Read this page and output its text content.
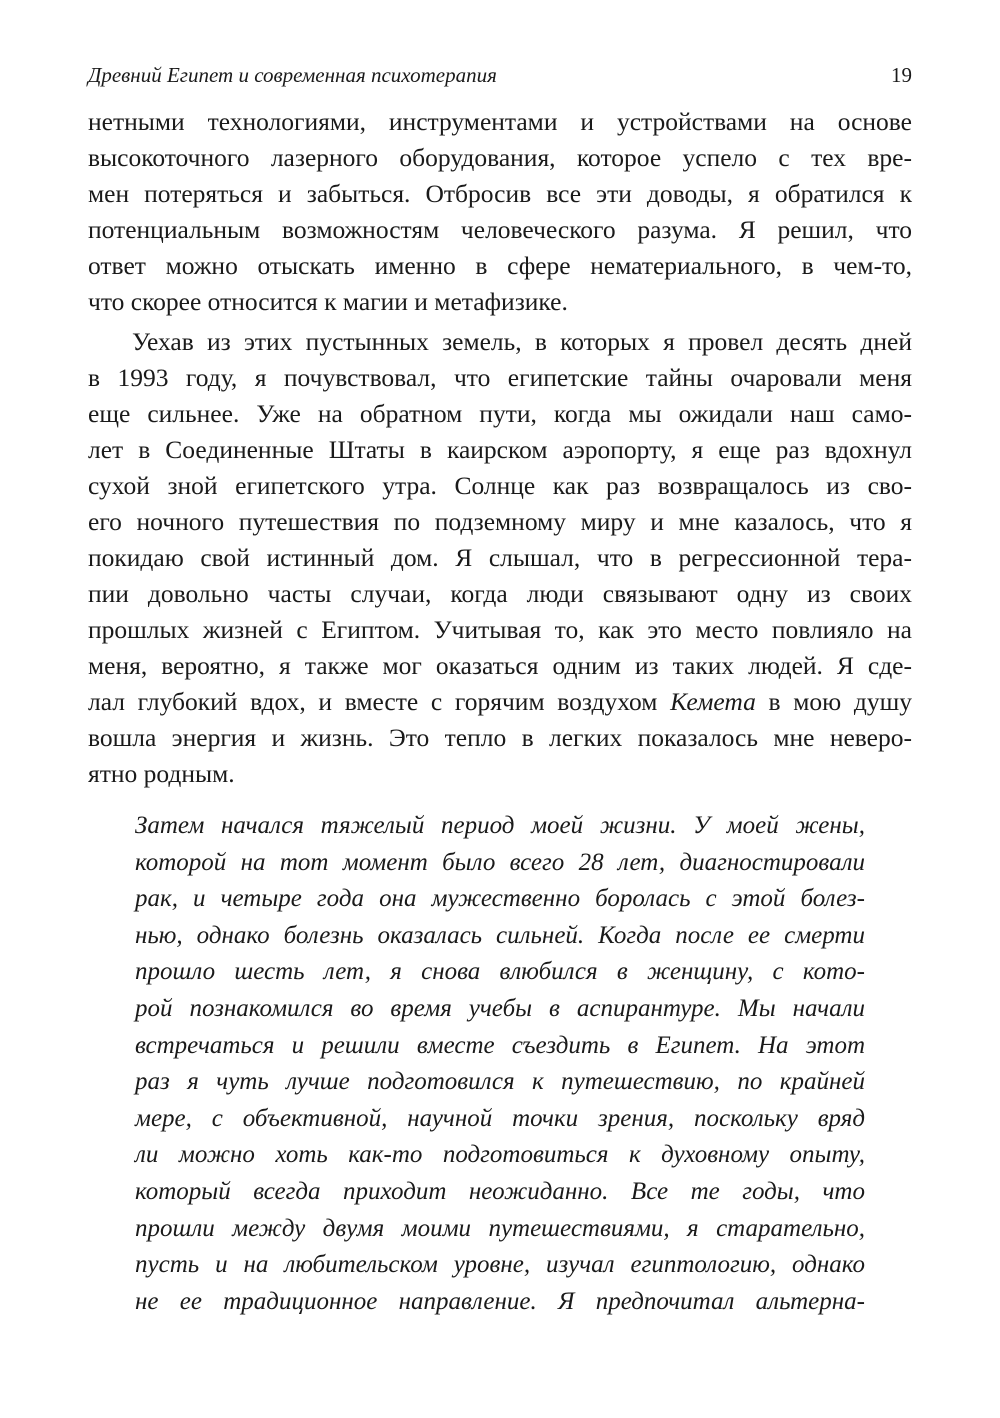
Древний Египет и современная психотерапия	19
нетными технологиями, инструментами и устройствами на основе
высокоточного лазерного оборудования, которое успело с тех вре-
мен потеряться и забыться. Отбросив все эти доводы, я обратился к
потенциальным возможностям человеческого разума. Я решил, что
ответ можно отыскать именно в сфере нематериального, в чем-то,
что скорее относится к магии и метафизике.
Уехав из этих пустынных земель, в которых я провел десять дней
в 1993 году, я почувствовал, что египетские тайны очаровали меня
еще сильнее. Уже на обратном пути, когда мы ожидали наш само-
лет в Соединенные Штаты в каирском аэропорту, я еще раз вдохнул
сухой зной египетского утра. Солнце как раз возвращалось из сво-
его ночного путешествия по подземному миру и мне казалось, что я
покидаю свой истинный дом. Я слышал, что в регрессионной тера-
пии довольно часты случаи, когда люди связывают одну из своих
прошлых жизней с Египтом. Учитывая то, как это место повлияло на
меня, вероятно, я также мог оказаться одним из таких людей. Я сде-
лал глубокий вдох, и вместе с горячим воздухом Кемета в мою душу
вошла энергия и жизнь. Это тепло в легких показалось мне неверо-
ятно родным.
Затем начался тяжелый период моей жизни. У моей жены,
которой на тот момент было всего 28 лет, диагностировали
рак, и четыре года она мужественно боролась с этой болез-
нью, однако болезнь оказалась сильней. Когда после ее смерти
прошло шесть лет, я снова влюбился в женщину, с кото-
рой познакомился во время учебы в аспирантуре. Мы начали
встречаться и решили вместе съездить в Египет. На этот
раз я чуть лучше подготовился к путешествию, по крайней
мере, с объективной, научной точки зрения, поскольку вряд
ли можно хоть как-то подготовиться к духовному опыту,
который всегда приходит неожиданно. Все те годы, что
прошли между двумя моими путешествиями, я старательно,
пусть и на любительском уровне, изучал египтологию, однако
не ее традиционное направление. Я предпочитал альтерна-
